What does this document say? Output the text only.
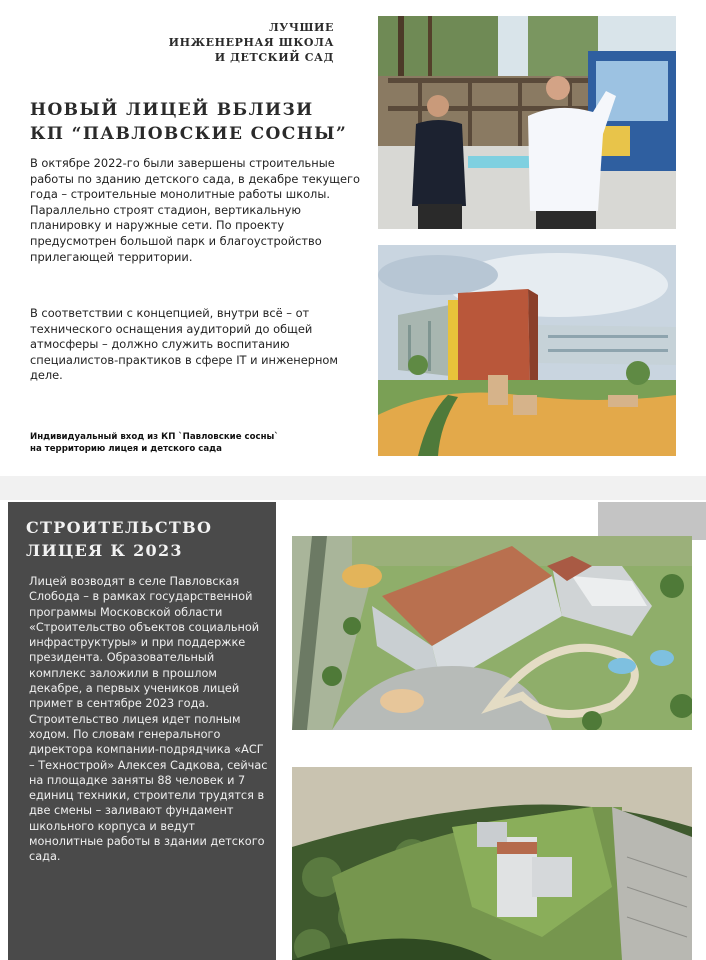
ЛУЧШИЕ
ИНЖЕНЕРНАЯ ШКОЛА
И ДЕТСКИЙ САД
НОВЫЙ ЛИЦЕЙ ВБЛИЗИ
КП “ПАВЛОВСКИЕ СОСНЫ”
В октябре 2022-го были завершены строительные работы по зданию детского сада, в декабре текущего года – строительные монолитные работы школы. Параллельно строят стадион, вертикальную планировку и наружные сети. По проекту предусмотрен большой парк и благоустройство прилегающей территории.
В соответствии с концепцией, внутри всё – от технического оснащения аудиторий до общей атмосферы – должно служить воспитанию специалистов-практиков в сфере IT и инженерном деле.
Индивидуальный вход из КП `Павловские сосны`
на территорию лицея и детского сада
СТРОИТЕЛЬСТВО
ЛИЦЕЯ К 2023
Лицей возводят в селе Павловская Слобода – в рамках государственной программы Московской области «Строительство объектов социальной инфраструктуры» и при поддержке президента. Образовательный комплекс заложили в прошлом декабре, а первых учеников лицей примет в сентябре 2023 года. Строительство лицея идет полным ходом. По словам генерального директора компании-подрядчика «АСГ – Технострой» Алексея Садкова, сейчас на площадке заняты 88 человек и 7 единиц техники, строители трудятся в две смены – заливают фундамент школьного корпуса и ведут монолитные работы в здании детского сада.
